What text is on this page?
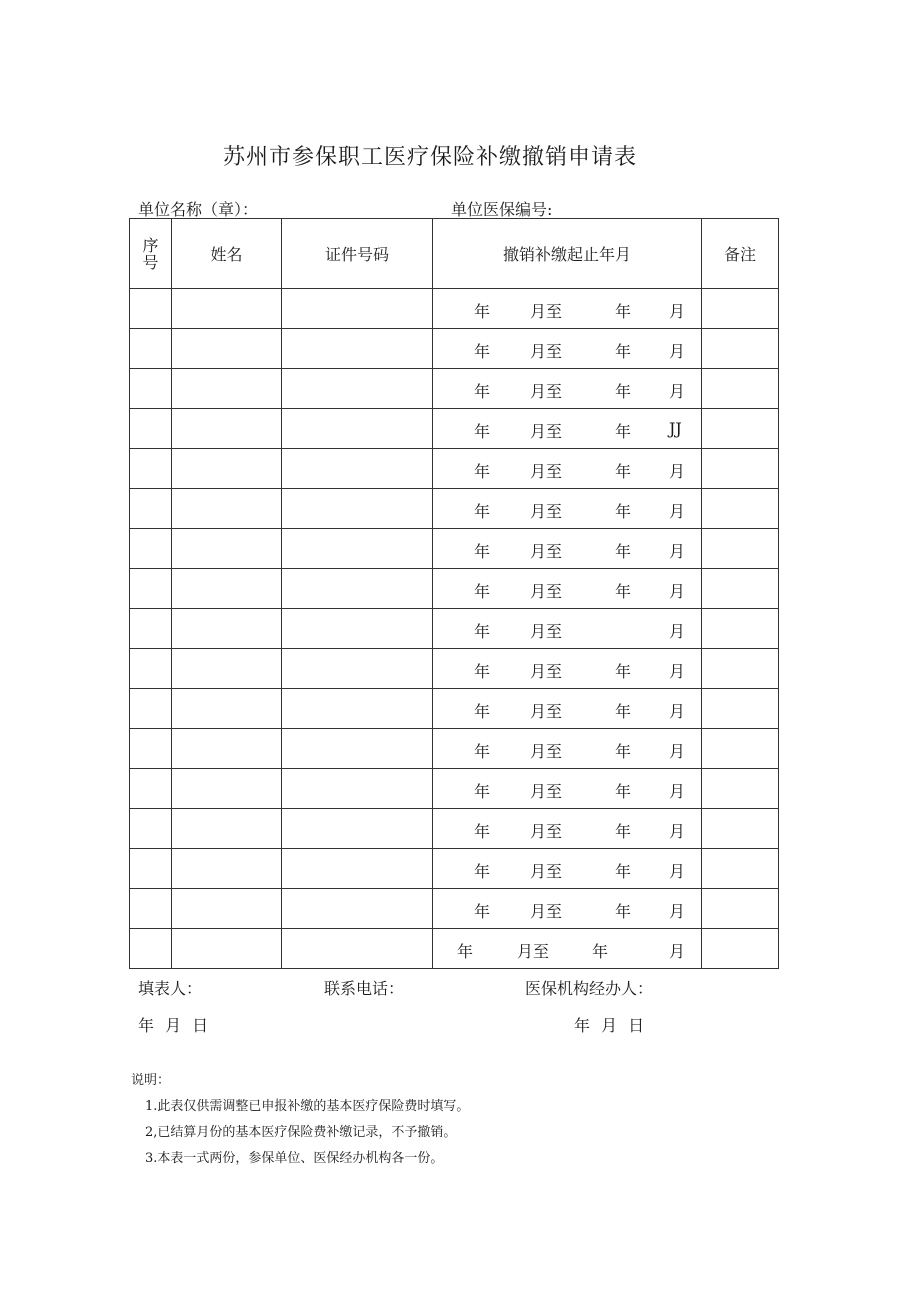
苏州市参保职工医疗保险补缴撤销申请表
单位名称（章）：	单位医保编号:
序
号	姓名	证件号码	撤销补缴起止年月	备注

			年 月至 年 月	

			年 月至 年 月	

			年 月至 年 月	

			年 月至 年 JJ	

			年 月至 年 月	

			年 月至 年 月	

			年 月至 年 月	

			年 月至 年 月	

			年 月至 月	

			年 月至 年 月	

			年 月至 年 月	

			年 月至 年 月	

			年 月至 年 月	

			年 月至 年 月	

			年 月至 年 月	

			年 月至 年 月	

			年 月至 年 月	

填表人：	联系电话：	医保机构经办人：
年 月 日	年 月 日
说明：
1.此表仅供需调整已申报补缴的基本医疗保险费时填写。
2,已结算月份的基本医疗保险费补缴记录，不予撤销。
3.本表一式两份，参保单位、医保经办机构各一份。
